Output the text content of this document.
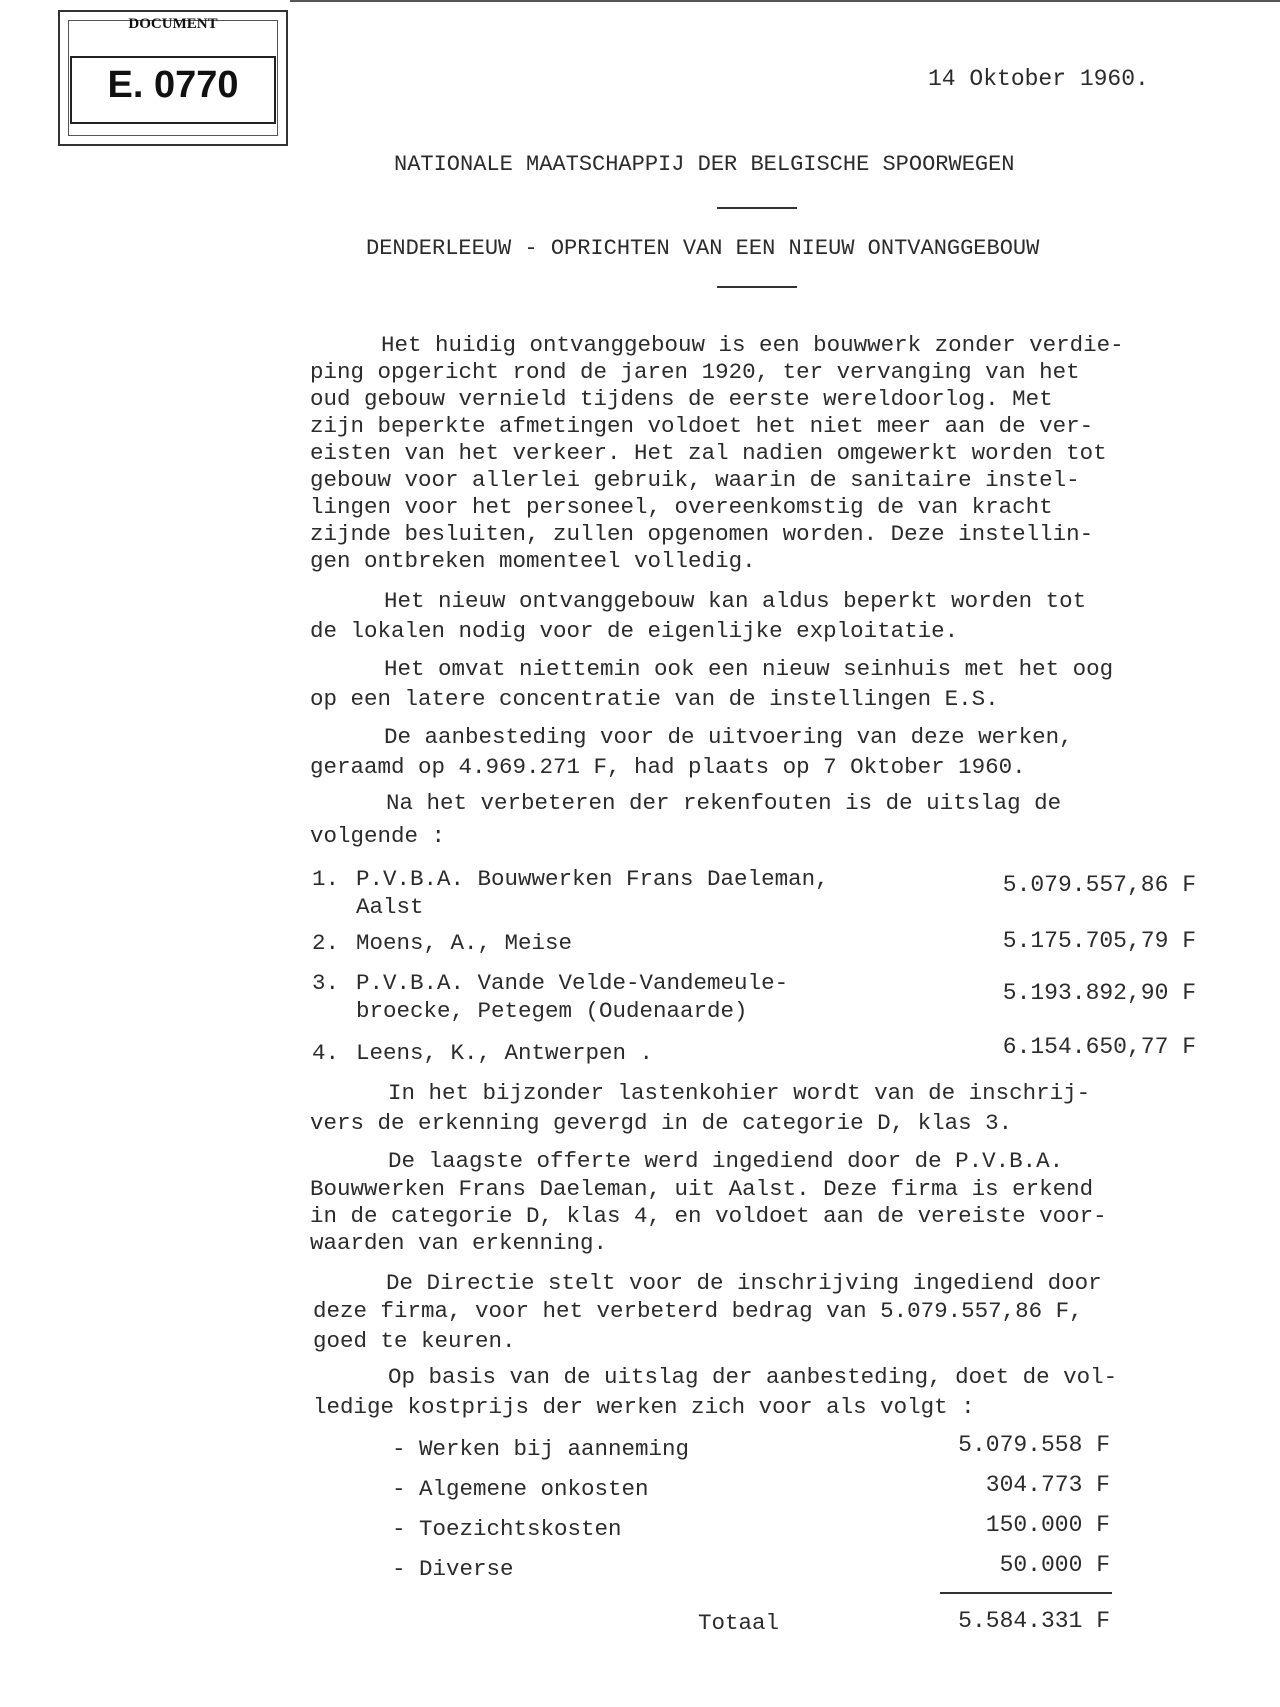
DOCUMENT
E. 0770	14 Oktober 1960.
NATIONALE MAATSCHAPPIJ DER BELGISCHE SPOORWEGEN
DENDERLEEUW - OPRICHTEN VAN EEN NIEUW ONTVANGGEBOUW
Het huidig ontvanggebouw is een bouwwerk zonder verdie-
ping opgericht rond de jaren 1920, ter vervanging van het
oud gebouw vernield tijdens de eerste wereldoorlog. Met
zijn beperkte afmetingen voldoet het niet meer aan de ver-
eisten van het verkeer. Het zal nadien omgewerkt worden tot
gebouw voor allerlei gebruik, waarin de sanitaire instel-
lingen voor het personeel, overeenkomstig de van kracht
zijnde besluiten, zullen opgenomen worden. Deze instellin-
gen ontbreken momenteel volledig.
Het nieuw ontvanggebouw kan aldus beperkt worden tot
de lokalen nodig voor de eigenlijke exploitatie.
Het omvat niettemin ook een nieuw seinhuis met het oog
op een latere concentratie van de instellingen E.S.
De aanbesteding voor de uitvoering van deze werken,
geraamd op 4.969.271 F, had plaats op 7 Oktober 1960.
Na het verbeteren der rekenfouten is de uitslag de
volgende :
1. P.V.B.A. Bouwwerken Frans Daeleman,
Aalst
5.079.557,86 F
2. Moens, A., Meise	5.175.705,79 F
3. P.V.B.A. Vande Velde-Vandemeule-
broecke, Petegem (Oudenaarde)
5.193.892,90 F
4. Leens, K., Antwerpen .	6.154.650,77 F
In het bijzonder lastenkohier wordt van de inschrij-
vers de erkenning gevergd in de categorie D, klas 3.
De laagste offerte werd ingediend door de P.V.B.A.
Bouwwerken Frans Daeleman, uit Aalst. Deze firma is erkend
in de categorie D, klas 4, en voldoet aan de vereiste voor-
waarden van erkenning.
De Directie stelt voor de inschrijving ingediend door
deze firma, voor het verbeterd bedrag van 5.079.557,86 F,
goed te keuren.
Op basis van de uitslag der aanbesteding, doet de vol-
ledige kostprijs der werken zich voor als volgt :
- Werken bij aanneming	5.079.558 F
- Algemene onkosten	304.773 F
- Toezichtskosten	150.000 F
- Diverse	50.000 F
Totaal	5.584.331 F
